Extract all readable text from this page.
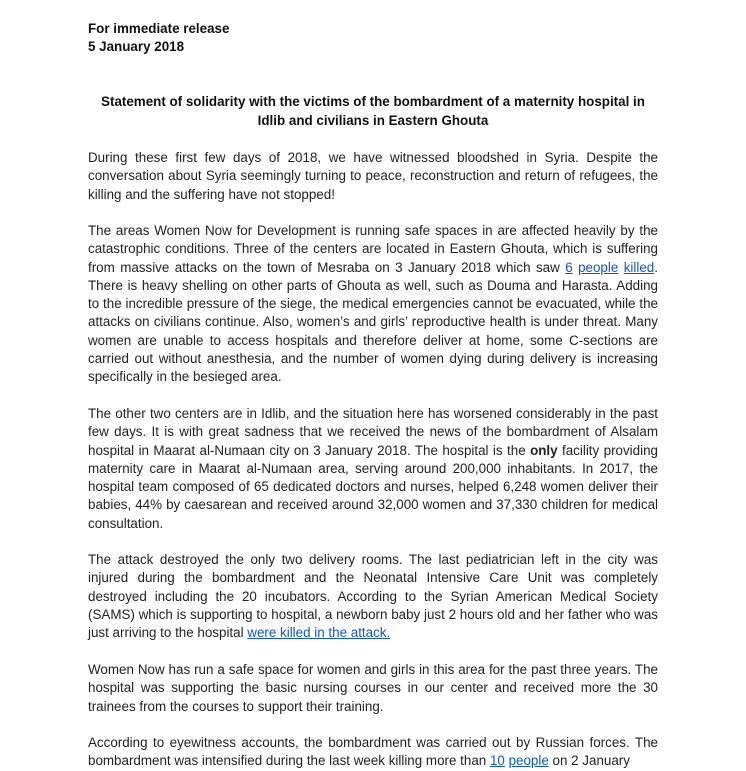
For immediate release
5 January 2018
Statement of solidarity with the victims of the bombardment of a maternity hospital in
Idlib and civilians in Eastern Ghouta

During these first few days of 2018, we have witnessed bloodshed in Syria. Despite the conversation about Syria seemingly turning to peace, reconstruction and return of refugees, the killing and the suffering have not stopped!

The areas Women Now for Development is running safe spaces in are affected heavily by the catastrophic conditions. Three of the centers are located in Eastern Ghouta, which is suffering from massive attacks on the town of Mesraba on 3 January 2018 which saw 6 people killed. There is heavy shelling on other parts of Ghouta as well, such as Douma and Harasta. Adding to the incredible pressure of the siege, the medical emergencies cannot be evacuated, while the attacks on civilians continue. Also, women’s and girls’ reproductive health is under threat. Many women are unable to access hospitals and therefore deliver at home, some C-sections are carried out without anesthesia, and the number of women dying during delivery is increasing specifically in the besieged area.

The other two centers are in Idlib, and the situation here has worsened considerably in the past few days. It is with great sadness that we received the news of the bombardment of Alsalam hospital in Maarat al-Numaan city on 3 January 2018. The hospital is the only facility providing maternity care in Maarat al-Numaan area, serving around 200,000 inhabitants. In 2017, the hospital team composed of 65 dedicated doctors and nurses, helped 6,248 women deliver their babies, 44% by caesarean and received around 32,000 women and 37,330 children for medical consultation.

The attack destroyed the only two delivery rooms. The last pediatrician left in the city was injured during the bombardment and the Neonatal Intensive Care Unit was completely destroyed including the 20 incubators. According to the Syrian American Medical Society (SAMS) which is supporting to hospital, a newborn baby just 2 hours old and her father who was just arriving to the hospital were killed in the attack.

Women Now has run a safe space for women and girls in this area for the past three years. The hospital was supporting the basic nursing courses in our center and received more the 30 trainees from the courses to support their training.

According to eyewitness accounts, the bombardment was carried out by Russian forces. The bombardment was intensified during the last week killing more than 10 people on 2 January
